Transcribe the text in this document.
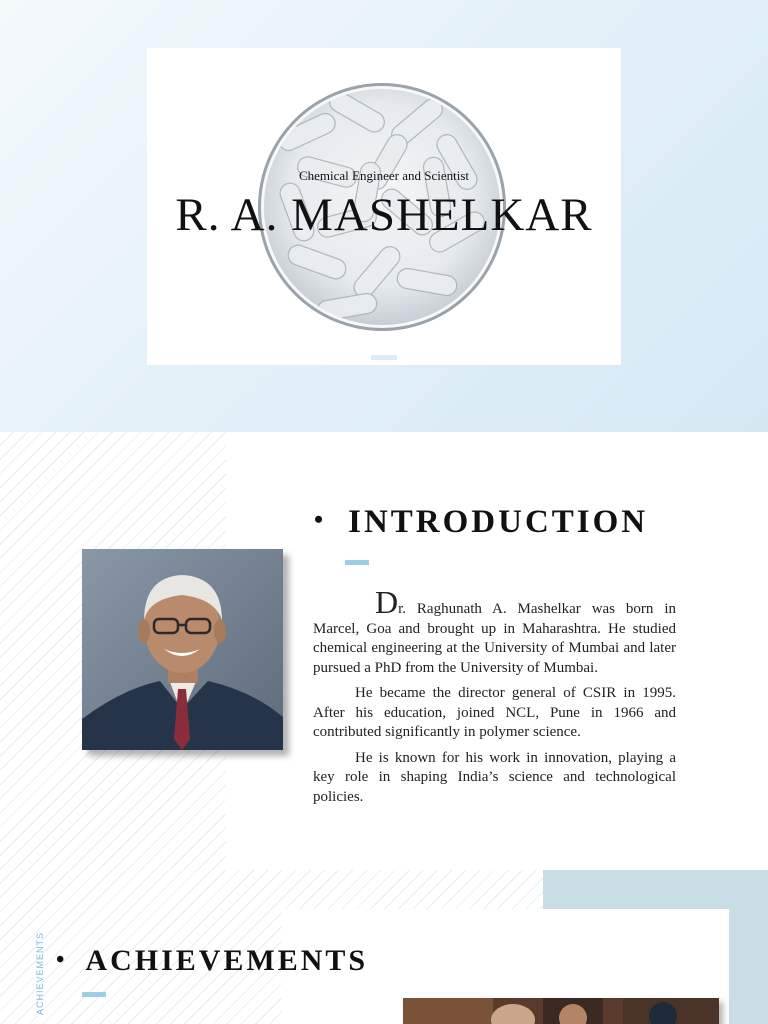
Chemical Engineer and Scientist
R. A. MASHELKAR
• INTRODUCTION

Dr. Raghunath A. Mashelkar was born in Marcel, Goa and brought up in Maharashtra. He studied chemical engineering at the University of Mumbai and later pursued a PhD from the University of Mumbai.

He became the director general of CSIR in 1995. After his education, joined NCL, Pune in 1966 and contributed significantly in polymer science.

He is known for his work in innovation, playing a key role in shaping India’s science and technological policies.

ACHIEVEMENTS • ACHIEVEMENTS
